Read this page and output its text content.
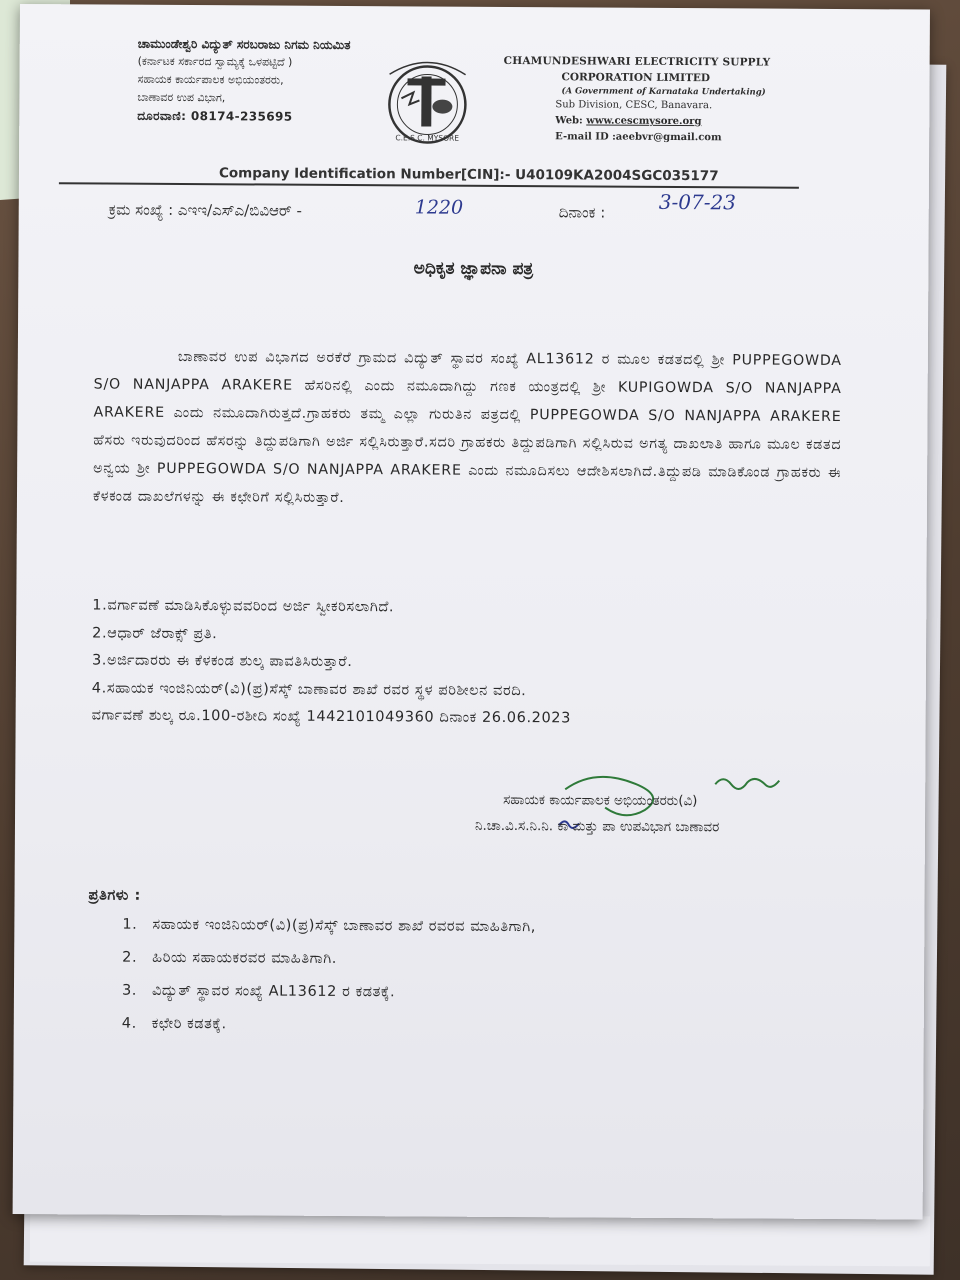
ಚಾಮುಂಡೇಶ್ವರಿ ವಿದ್ಯುತ್ ಸರಬರಾಜು ನಿಗಮ ನಿಯಮಿತ
(ಕರ್ನಾಟಕ ಸರ್ಕಾರದ ಸ್ವಾಮ್ಯಕ್ಕೆ ಒಳಪಟ್ಟಿದೆ )
ಸಹಾಯಕ ಕಾರ್ಯಪಾಲಕ ಅಭಿಯಂತರರು,
ಬಾಣಾವರ ಉಪ ವಿಭಾಗ,
ದೂರವಾಣಿ: 08174-235695
C.E.S.C. MYSORE
CHAMUNDESHWARI ELECTRICITY SUPPLY
CORPORATION LIMITED
(A Government of Karnataka Undertaking)
Sub Division, CESC, Banavara.
Web: www.cescmysore.org
E-mail ID :aeebvr@gmail.com
Company Identification Number[CIN]:- U40109KA2004SGC035177
ಕ್ರಮ ಸಂಖ್ಯೆ : ಎಇಇ/ಎಸ್ಎ/ಬಿವಿಆರ್ -	1220	ದಿನಾಂಕ :	3-07-23
ಅಧಿಕೃತ ಜ್ಞಾಪನಾ ಪತ್ರ
ಬಾಣಾವರ ಉಪ ವಿಭಾಗದ ಅರಕೆರೆ ಗ್ರಾಮದ ವಿದ್ಯುತ್ ಸ್ಥಾವರ ಸಂಖ್ಯೆ AL13612 ರ ಮೂಲ ಕಡತದಲ್ಲಿ ಶ್ರೀ PUPPEGOWDA S/O NANJAPPA ARAKERE ಹೆಸರಿನಲ್ಲಿ ಎಂದು ನಮೂದಾಗಿದ್ದು ಗಣಕ ಯಂತ್ರದಲ್ಲಿ ಶ್ರೀ KUPIGOWDA S/O NANJAPPA ARAKERE ಎಂದು ನಮೂದಾಗಿರುತ್ತದೆ.ಗ್ರಾಹಕರು ತಮ್ಮ ಎಲ್ಲಾ ಗುರುತಿನ ಪತ್ರದಲ್ಲಿ PUPPEGOWDA S/O NANJAPPA ARAKERE ಹೆಸರು ಇರುವುದರಿಂದ ಹೆಸರನ್ನು ತಿದ್ದುಪಡಿಗಾಗಿ ಅರ್ಜಿ ಸಲ್ಲಿಸಿರುತ್ತಾರೆ.ಸದರಿ ಗ್ರಾಹಕರು ತಿದ್ದುಪಡಿಗಾಗಿ ಸಲ್ಲಿಸಿರುವ ಅಗತ್ಯ ದಾಖಲಾತಿ ಹಾಗೂ ಮೂಲ ಕಡತದ ಅನ್ವಯ ಶ್ರೀ PUPPEGOWDA S/O NANJAPPA ARAKERE ಎಂದು ನಮೂದಿಸಲು ಆದೇಶಿಸಲಾಗಿದೆ.ತಿದ್ದುಪಡಿ ಮಾಡಿಕೊಂಡ ಗ್ರಾಹಕರು ಈ ಕೆಳಕಂಡ ದಾಖಲೆಗಳನ್ನು ಈ ಕಛೇರಿಗೆ ಸಲ್ಲಿಸಿರುತ್ತಾರೆ.
1.ವರ್ಗಾವಣೆ ಮಾಡಿಸಿಕೊಳ್ಳುವವರಿಂದ ಅರ್ಜಿ ಸ್ವೀಕರಿಸಲಾಗಿದೆ.
2.ಆಧಾರ್ ಜೆರಾಕ್ಸ್ ಪ್ರತಿ.
3.ಅರ್ಜಿದಾರರು ಈ ಕೆಳಕಂಡ ಶುಲ್ಕ ಪಾವತಿಸಿರುತ್ತಾರೆ.
4.ಸಹಾಯಕ ಇಂಜಿನಿಯರ್(ವಿ)(ಪ್ರ)ಸೆಸ್ಕ್ ಬಾಣಾವರ ಶಾಖೆ ರವರ ಸ್ಥಳ ಪರಿಶೀಲನ ವರದಿ.
ವರ್ಗಾವಣೆ ಶುಲ್ಕ ರೂ.100-ರಶೀದಿ ಸಂಖ್ಯೆ 1442101049360 ದಿನಾಂಕ 26.06.2023
ಸಹಾಯಕ ಕಾರ್ಯಪಾಲಕ ಅಭಿಯಂತರರು(ವಿ)
ನಿ.ಚಾ.ವಿ.ಸ.ನಿ.ನಿ. ಕಾ ಮತ್ತು ಪಾ ಉಪವಿಭಾಗ ಬಾಣಾವರ
ಪ್ರತಿಗಳು :
1. ಸಹಾಯಕ ಇಂಜಿನಿಯರ್(ವಿ)(ಪ್ರ)ಸೆಸ್ಕ್ ಬಾಣಾವರ ಶಾಖೆ ರವರವ ಮಾಹಿತಿಗಾಗಿ,
2. ಹಿರಿಯ ಸಹಾಯಕರವರ ಮಾಹಿತಿಗಾಗಿ.
3. ವಿದ್ಯುತ್ ಸ್ಥಾವರ ಸಂಖ್ಯೆ AL13612 ರ ಕಡತಕ್ಕೆ.
4. ಕಛೇರಿ ಕಡತಕ್ಕೆ.
